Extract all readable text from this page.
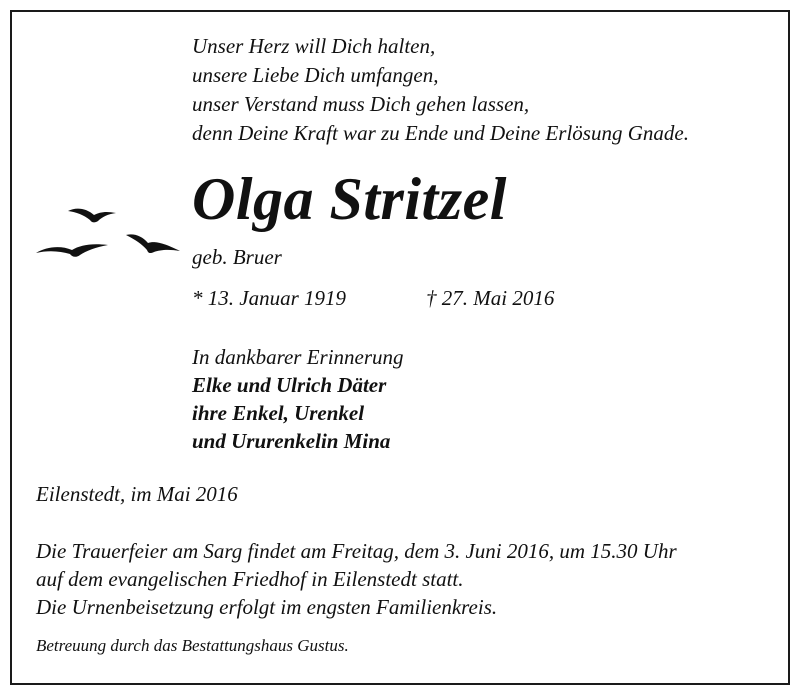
Unser Herz will Dich halten,
unsere Liebe Dich umfangen,
unser Verstand muss Dich gehen lassen,
denn Deine Kraft war zu Ende und Deine Erlösung Gnade.
Olga Stritzel
geb. Bruer
* 13. Januar 1919	† 27. Mai 2016
In dankbarer Erinnerung
Elke und Ulrich Däter
ihre Enkel, Urenkel
und Ururenkelin Mina
Eilenstedt, im Mai 2016
Die Trauerfeier am Sarg findet am Freitag, dem 3. Juni 2016, um 15.30 Uhr
auf dem evangelischen Friedhof in Eilenstedt statt.
Die Urnenbeisetzung erfolgt im engsten Familienkreis.
Betreuung durch das Bestattungshaus Gustus.
